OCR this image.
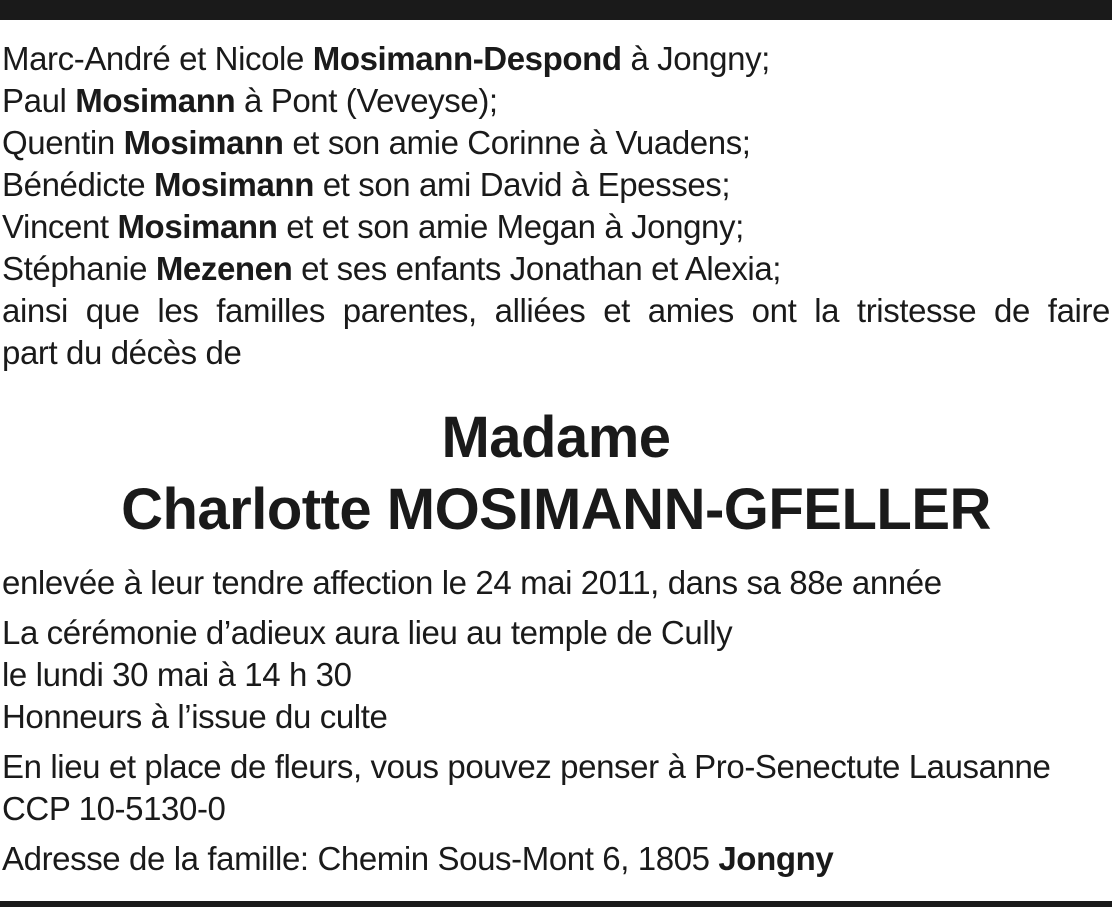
Marc-André et Nicole Mosimann-Despond à Jongny;
Paul Mosimann à Pont (Veveyse);
Quentin Mosimann et son amie Corinne à Vuadens;
Bénédicte Mosimann et son ami David à Epesses;
Vincent Mosimann et et son amie Megan à Jongny;
Stéphanie Mezenen et ses enfants Jonathan et Alexia;
ainsi que les familles parentes, alliées et amies ont la tristesse de faire
part du décès de
Madame
Charlotte MOSIMANN-GFELLER
enlevée à leur tendre affection le 24 mai 2011, dans sa 88e année
La cérémonie d’adieux aura lieu au temple de Cully
le lundi 30 mai à 14 h 30
Honneurs à l’issue du culte
En lieu et place de fleurs, vous pouvez penser à Pro-Senectute Lausanne
CCP 10-5130-0
Adresse de la famille: Chemin Sous-Mont 6, 1805 Jongny
